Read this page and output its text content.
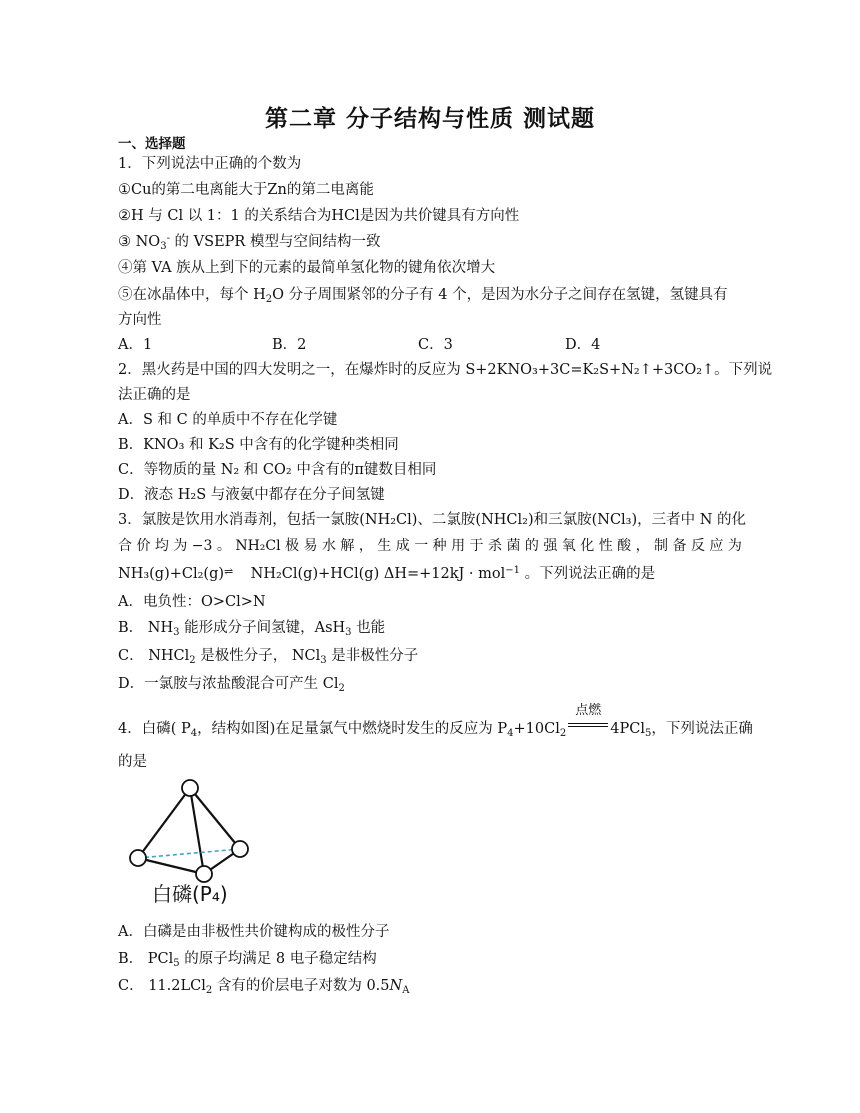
第二章 分子结构与性质 测试题
一、选择题
1．下列说法中正确的个数为
①Cu的第二电离能大于Zn的第二电离能
②H 与 Cl 以 1：1 的关系结合为HCl是因为共价键具有方向性
③ $NO_3^-$ 的 VSEPR 模型与空间结构一致
④第 VA 族从上到下的元素的最简单氢化物的键角依次增大
⑤在冰晶体中，每个 $H_2O$ 分子周围紧邻的分子有 4 个，是因为水分子之间存在氢键，氢键具有
方向性
A．1	B．2	C．3	D．4
2．黑火药是中国的四大发明之一，在爆炸时的反应为 S+2KNO₃+3C=K₂S+N₂↑+3CO₂↑。下列说
法正确的是
A．S 和 C 的单质中不存在化学键
B．KNO₃ 和 K₂S 中含有的化学键种类相同
C．等物质的量 N₂ 和 CO₂ 中含有的π键数目相同
D．液态 H₂S 与液氨中都存在分子间氢键
3．氯胺是饮用水消毒剂，包括一氯胺(NH₂Cl)、二氯胺(NHCl₂)和三氯胺(NCl₃)，三者中 N 的化
合 价 均 为 −3 。 NH₂Cl 极 易 水 解 ， 生 成 一 种 用 于 杀 菌 的 强 氧 化 性 酸 ， 制 备 反 应 为
NH₃(g)+Cl₂(g)⇌ NH₂Cl(g)+HCl(g) ΔH=+12kJ · mol$^{-1}$ 。下列说法正确的是
A．电负性：O>Cl>N
B． $NH_3$ 能形成分子间氢键，AsH$_3$ 也能
C． NHCl$_2$ 是极性分子， NCl$_3$ 是非极性分子
D．一氯胺与浓盐酸混合可产生 $Cl_2$
4．白磷( $P_4$，结构如图)在足量氯气中燃烧时发生的反应为 $P_4+10Cl_2$
点燃
4PCl$_5$，下列说法正确
的是
白磷(P₄)
A．白磷是由非极性共价键构成的极性分子
B． PCl$_5$ 的原子均满足 8 电子稳定结构
C． 11.2LCl$_2$ 含有的价层电子对数为 $0.5N_A$
